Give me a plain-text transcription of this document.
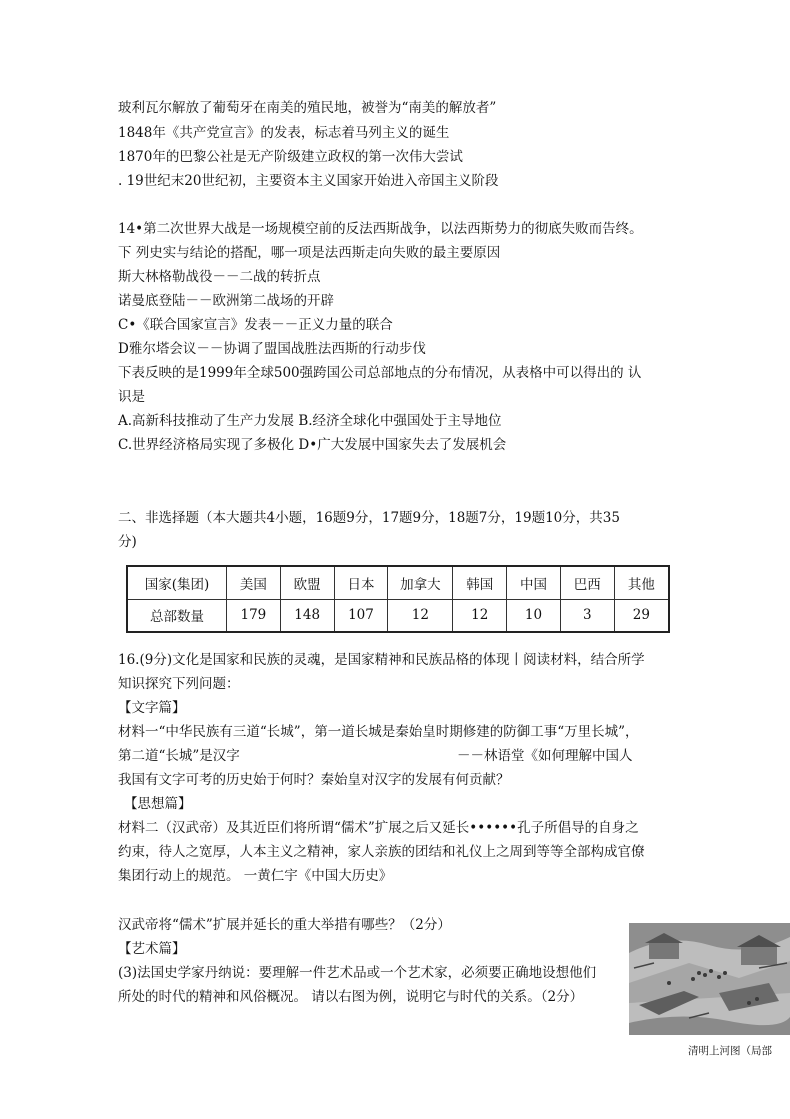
玻利瓦尔解放了葡萄牙在南美的殖民地，被誉为“南美的解放者”
1848年《共产党宣言》的发表，标志着马列主义的诞生
1870年的巴黎公社是无产阶级建立政权的第一次伟大尝试
. 19世纪末20世纪初，主要资本主义国家开始进入帝国主义阶段
14•第二次世界大战是一场规模空前的反法西斯战争，以法西斯势力的彻底失败而告终。
下 列史实与结论的搭配，哪一项是法西斯走向失败的最主要原因
斯大林格勒战役－－二战的转折点
诺曼底登陆－－欧洲第二战场的开辟
C•《联合国家宣言》发表－－正义力量的联合
D雅尔塔会议－－协调了盟国战胜法西斯的行动步伐
下表反映的是1999年全球500强跨国公司总部地点的分布情况，从表格中可以得出的 认
识是
A.高新科技推动了生产力发展 B.经济全球化中强国处于主导地位
C.世界经济格局实现了多极化 D•广大发展中国家失去了发展机会
二、非选择题（本大题共4小题，16题9分，17题9分，18题7分，19题10分，共35
分)
国家(集团)	美国	欧盟	日本	加拿大	韩国	中国	巴西	其他
总部数量	179	148	107	12	12	10	3	29
16.(9分)文化是国家和民族的灵魂，是国家精神和民族品格的体现丨阅读材料，结合所学
知识探究下列问题：
【文字篇】
材料一“中华民族有三道“长城”，第一道长城是秦始皇时期修建的防御工事“万里长城”，
第二道“长城”是汉字	－－林语堂《如何理解中国人
我国有文字可考的历史始于何时？秦始皇对汉字的发展有何贡献？
【思想篇】
材料二（汉武帝）及其近臣们将所谓“儒术”扩展之后又延长••••••孔子所倡导的自身之
约束，待人之宽厚，人本主义之精神，家人亲族的团结和礼仪上之周到等等全部构成官僚
集团行动上的规范。 一黄仁宇《中国大历史》
汉武帝将“儒术”扩展并延长的重大举措有哪些？（2分）
【艺术篇】
(3)法国史学家丹纳说：要理解一件艺术品或一个艺术家，必须要正确地设想他们
所处的时代的精神和风俗概况。 请以右图为例，说明它与时代的关系。（2分）
清明上河图（局部
